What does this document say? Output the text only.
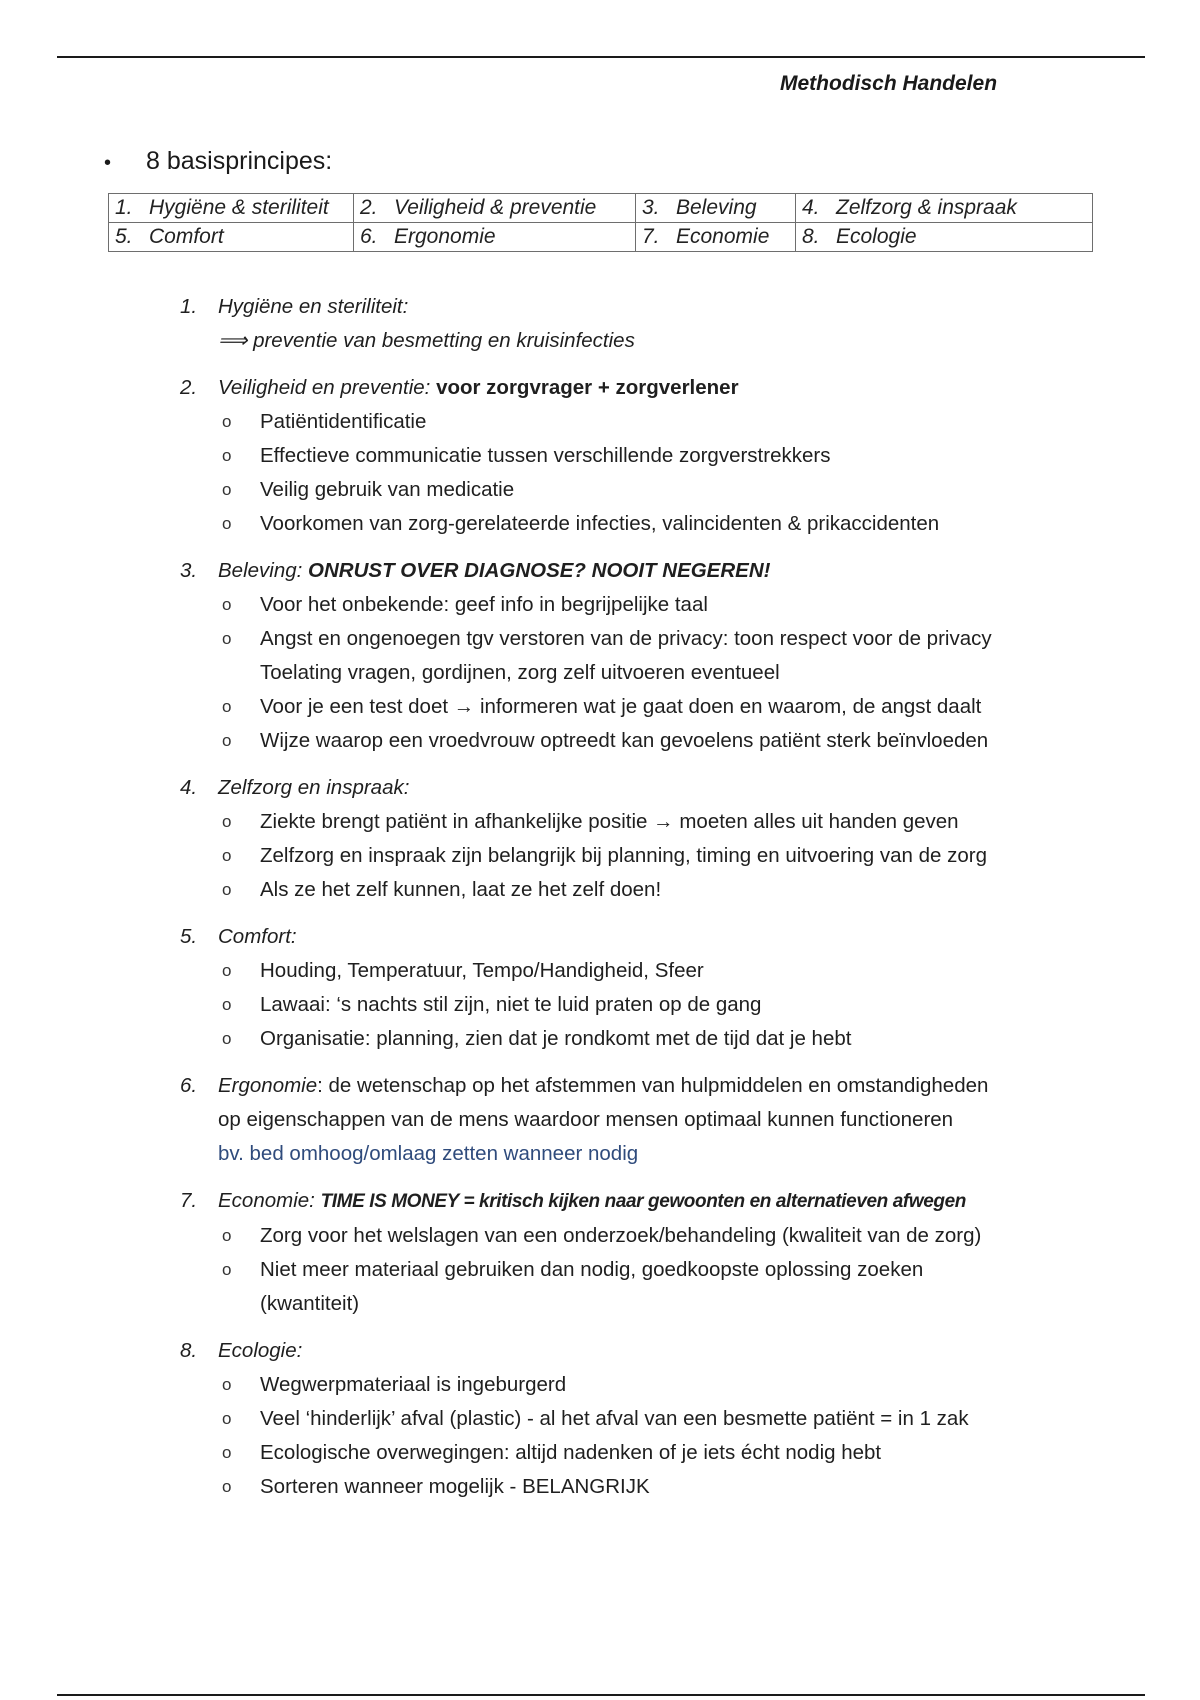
Methodisch Handelen
• 8 basisprincipes:
1. Hygiëne & steriliteit	2. Veiligheid & preventie	3. Beleving	4. Zelfzorg & inspraak
5. Comfort	6. Ergonomie	7. Economie	8. Ecologie
1. Hygiëne en steriliteit:
⟹ preventie van besmetting en kruisinfecties
2. Veiligheid en preventie: voor zorgvrager + zorgverlener
o Patiëntidentificatie
o Effectieve communicatie tussen verschillende zorgverstrekkers
o Veilig gebruik van medicatie
o Voorkomen van zorg-gerelateerde infecties, valincidenten & prikaccidenten
3. Beleving: ONRUST OVER DIAGNOSE? NOOIT NEGEREN!
o Voor het onbekende: geef info in begrijpelijke taal
o Angst en ongenoegen tgv verstoren van de privacy: toon respect voor de privacy
Toelating vragen, gordijnen, zorg zelf uitvoeren eventueel
o Voor je een test doet → informeren wat je gaat doen en waarom, de angst daalt
o Wijze waarop een vroedvrouw optreedt kan gevoelens patiënt sterk beïnvloeden
4. Zelfzorg en inspraak:
o Ziekte brengt patiënt in afhankelijke positie → moeten alles uit handen geven
o Zelfzorg en inspraak zijn belangrijk bij planning, timing en uitvoering van de zorg
o Als ze het zelf kunnen, laat ze het zelf doen!
5. Comfort:
o Houding, Temperatuur, Tempo/Handigheid, Sfeer
o Lawaai: ‘s nachts stil zijn, niet te luid praten op de gang
o Organisatie: planning, zien dat je rondkomt met de tijd dat je hebt
6. Ergonomie: de wetenschap op het afstemmen van hulpmiddelen en omstandigheden
op eigenschappen van de mens waardoor mensen optimaal kunnen functioneren
bv. bed omhoog/omlaag zetten wanneer nodig
7. Economie: TIME IS MONEY = kritisch kijken naar gewoonten en alternatieven afwegen
o Zorg voor het welslagen van een onderzoek/behandeling (kwaliteit van de zorg)
o Niet meer materiaal gebruiken dan nodig, goedkoopste oplossing zoeken
(kwantiteit)
8. Ecologie:
o Wegwerpmateriaal is ingeburgerd
o Veel ‘hinderlijk’ afval (plastic) - al het afval van een besmette patiënt = in 1 zak
o Ecologische overwegingen: altijd nadenken of je iets écht nodig hebt
o Sorteren wanneer mogelijk - BELANGRIJK
